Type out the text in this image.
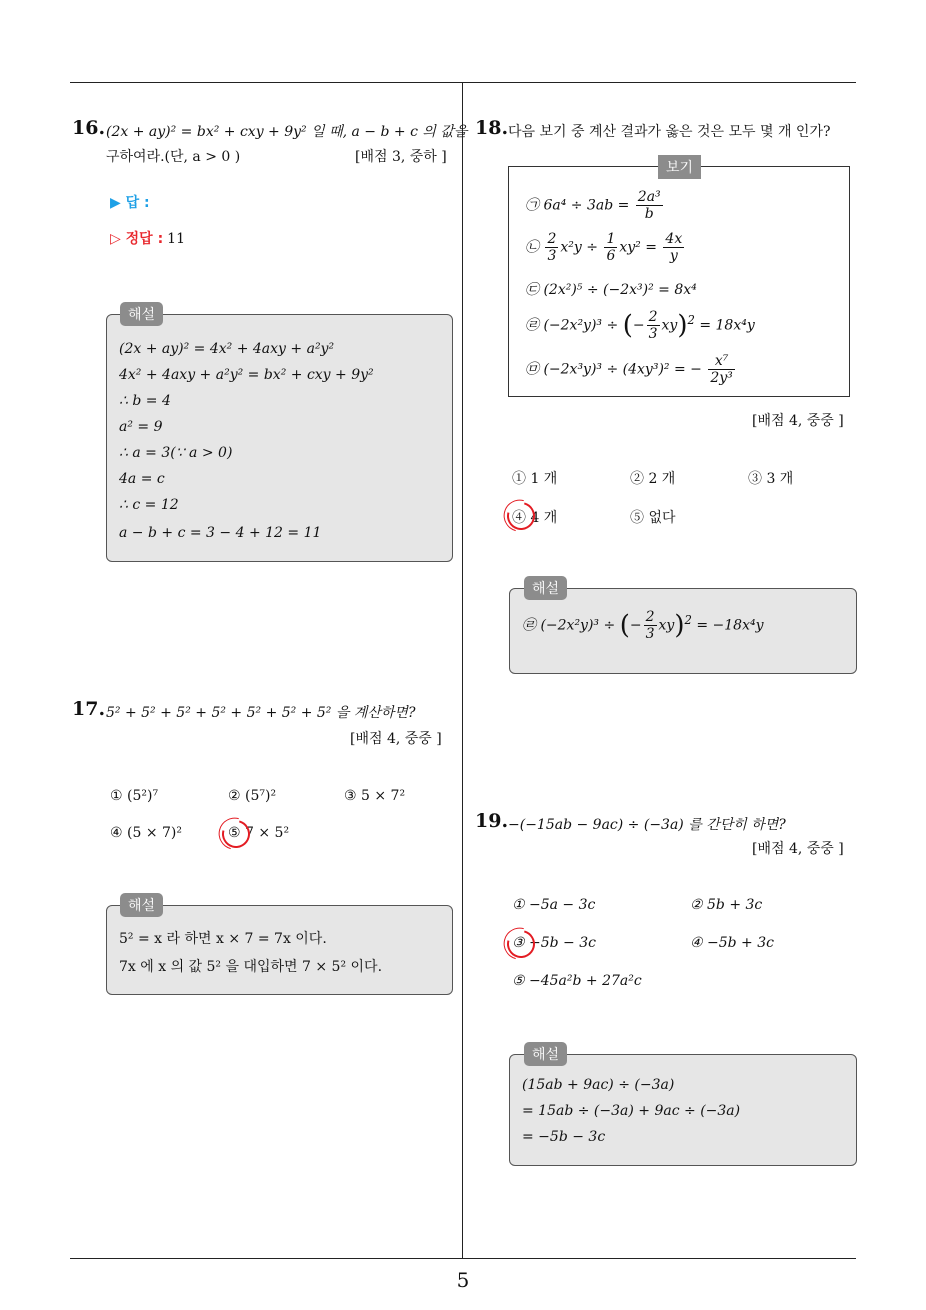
5
16. (2x + ay)² = bx² + cxy + 9y² 일 때, a − b + c 의 값을
구하여라.(단, a > 0 )	[배점 3, 중하 ]
▶ 답 :
▷ 정답 : 11
(2x + ay)² = 4x² + 4axy + a²y²
4x² + 4axy + a²y² = bx² + cxy + 9y²
∴ b = 4
a² = 9
∴ a = 3(∵ a > 0)
4a = c
∴ c = 12
a − b + c = 3 − 4 + 12 = 11
해설
17. 5² + 5² + 5² + 5² + 5² + 5² + 5² 을 계산하면?
[배점 4, 중중 ]
① (5²)⁷	② (5⁷)²	③ 5 × 7²
④ (5 × 7)²	⑤ 7 × 5²
5² = x 라 하면 x × 7 = 7x 이다.
7x 에 x 의 값 5² 을 대입하면 7 × 5² 이다.
해설
18. 다음 보기 중 계산 결과가 옳은 것은 모두 몇 개 인가?
㉠ $6a^4 \div 3ab = \frac{\text{2a³}}{b}$
㉡ $\frac{2}{3} x^2y \div \frac{1}{6} xy^2 = \frac{4x}{y}$
㉢ (2x²)⁵ ÷ (−2x³)² = 8x⁴
㉣ (−2x²y)³ ÷ (− $\frac{2}{3} xy)^2 = 18x^4y$
㉤ (−2x³y)³ ÷ (4xy³)² = − $\frac{\text{x⁷}}{\text{2y³}}$
보기
[배점 4, 중중 ]
① 1 개	② 2 개	③ 3 개
④ 4 개	⑤ 없다
㉣ (−2x²y)³ ÷ (− $\frac{2}{3} xy)^2 = -18x^4y$
해설
19. −(−15ab − 9ac) ÷ (−3a) 를 간단히 하면?
[배점 4, 중중 ]
① −5a − 3c	② 5b + 3c
③ −5b − 3c	④ −5b + 3c
⑤ −45a²b + 27a²c
(15ab + 9ac) ÷ (−3a)
= 15ab ÷ (−3a) + 9ac ÷ (−3a)
= −5b − 3c
해설
